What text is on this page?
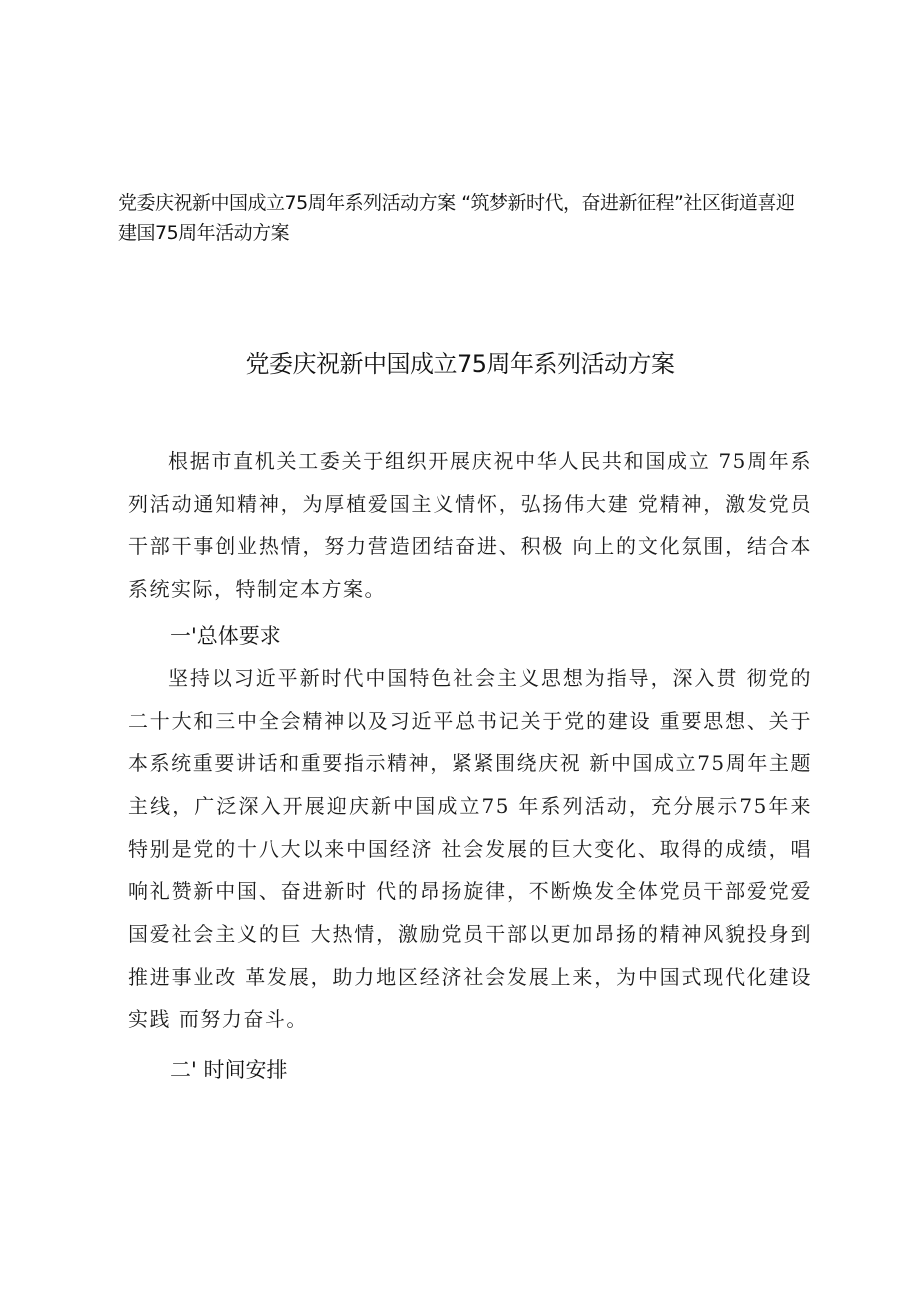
党委庆祝新中国成立75周年系列活动方案 “筑梦新时代，奋进新征程”社区街道喜迎建国75周年活动方案
党委庆祝新中国成立75周年系列活动方案

根据市直机关工委关于组织开展庆祝中华人民共和国成立 75周年系列活动通知精神，为厚植爱国主义情怀，弘扬伟大建 党精神，激发党员干部干事创业热情，努力营造团结奋进、积极 向上的文化氛围，结合本系统实际，特制定本方案。

一'总体要求

坚持以习近平新时代中国特色社会主义思想为指导，深入贯 彻党的二十大和三中全会精神以及习近平总书记关于党的建设 重要思想、关于本系统重要讲话和重要指示精神，紧紧围绕庆祝 新中国成立75周年主题主线，广泛深入开展迎庆新中国成立75 年系列活动，充分展示75年来特别是党的十八大以来中国经济 社会发展的巨大变化、取得的成绩，唱响礼赞新中国、奋进新时 代的昂扬旋律，不断焕发全体党员干部爱党爱国爱社会主义的巨 大热情，激励党员干部以更加昂扬的精神风貌投身到推进事业改 革发展，助力地区经济社会发展上来，为中国式现代化建设实践 而努力奋斗。

二' 时间安排
